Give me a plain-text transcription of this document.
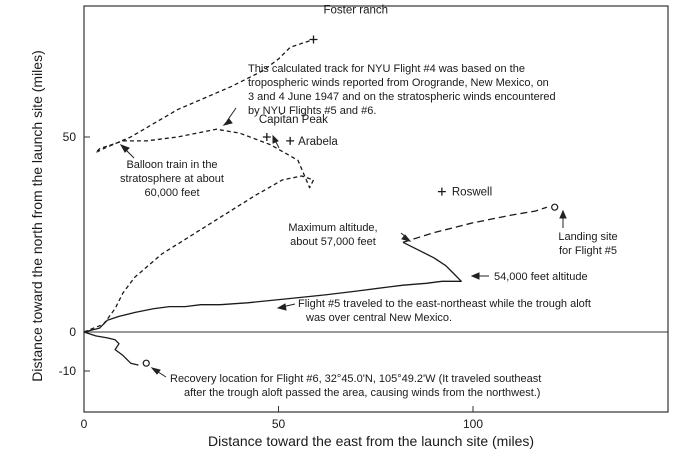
Distance toward the north from the launch site (miles)
Distance toward the east from the launch site (miles)
0	50	100
-10
0
50
Foster ranch
Capitan Peak
Arabela
Roswell
This calculated track for NYU Flight #4 was based on the
tropospheric winds reported from Orogrande, New Mexico, on
3 and 4 June 1947 and on the stratospheric winds encountered
by NYU Flights #5 and #6.
Balloon train in the
stratosphere at about
60,000 feet
Maximum altitude,
about 57,000 feet	Landing site
for Flight #5
54,000 feet altitude
Flight #5 traveled to the east-northeast while the trough aloft
was over central New Mexico.
Recovery location for Flight #6, 32°45.0'N, 105°49.2'W (It traveled southeast
after the trough aloft passed the area, causing winds from the northwest.)
